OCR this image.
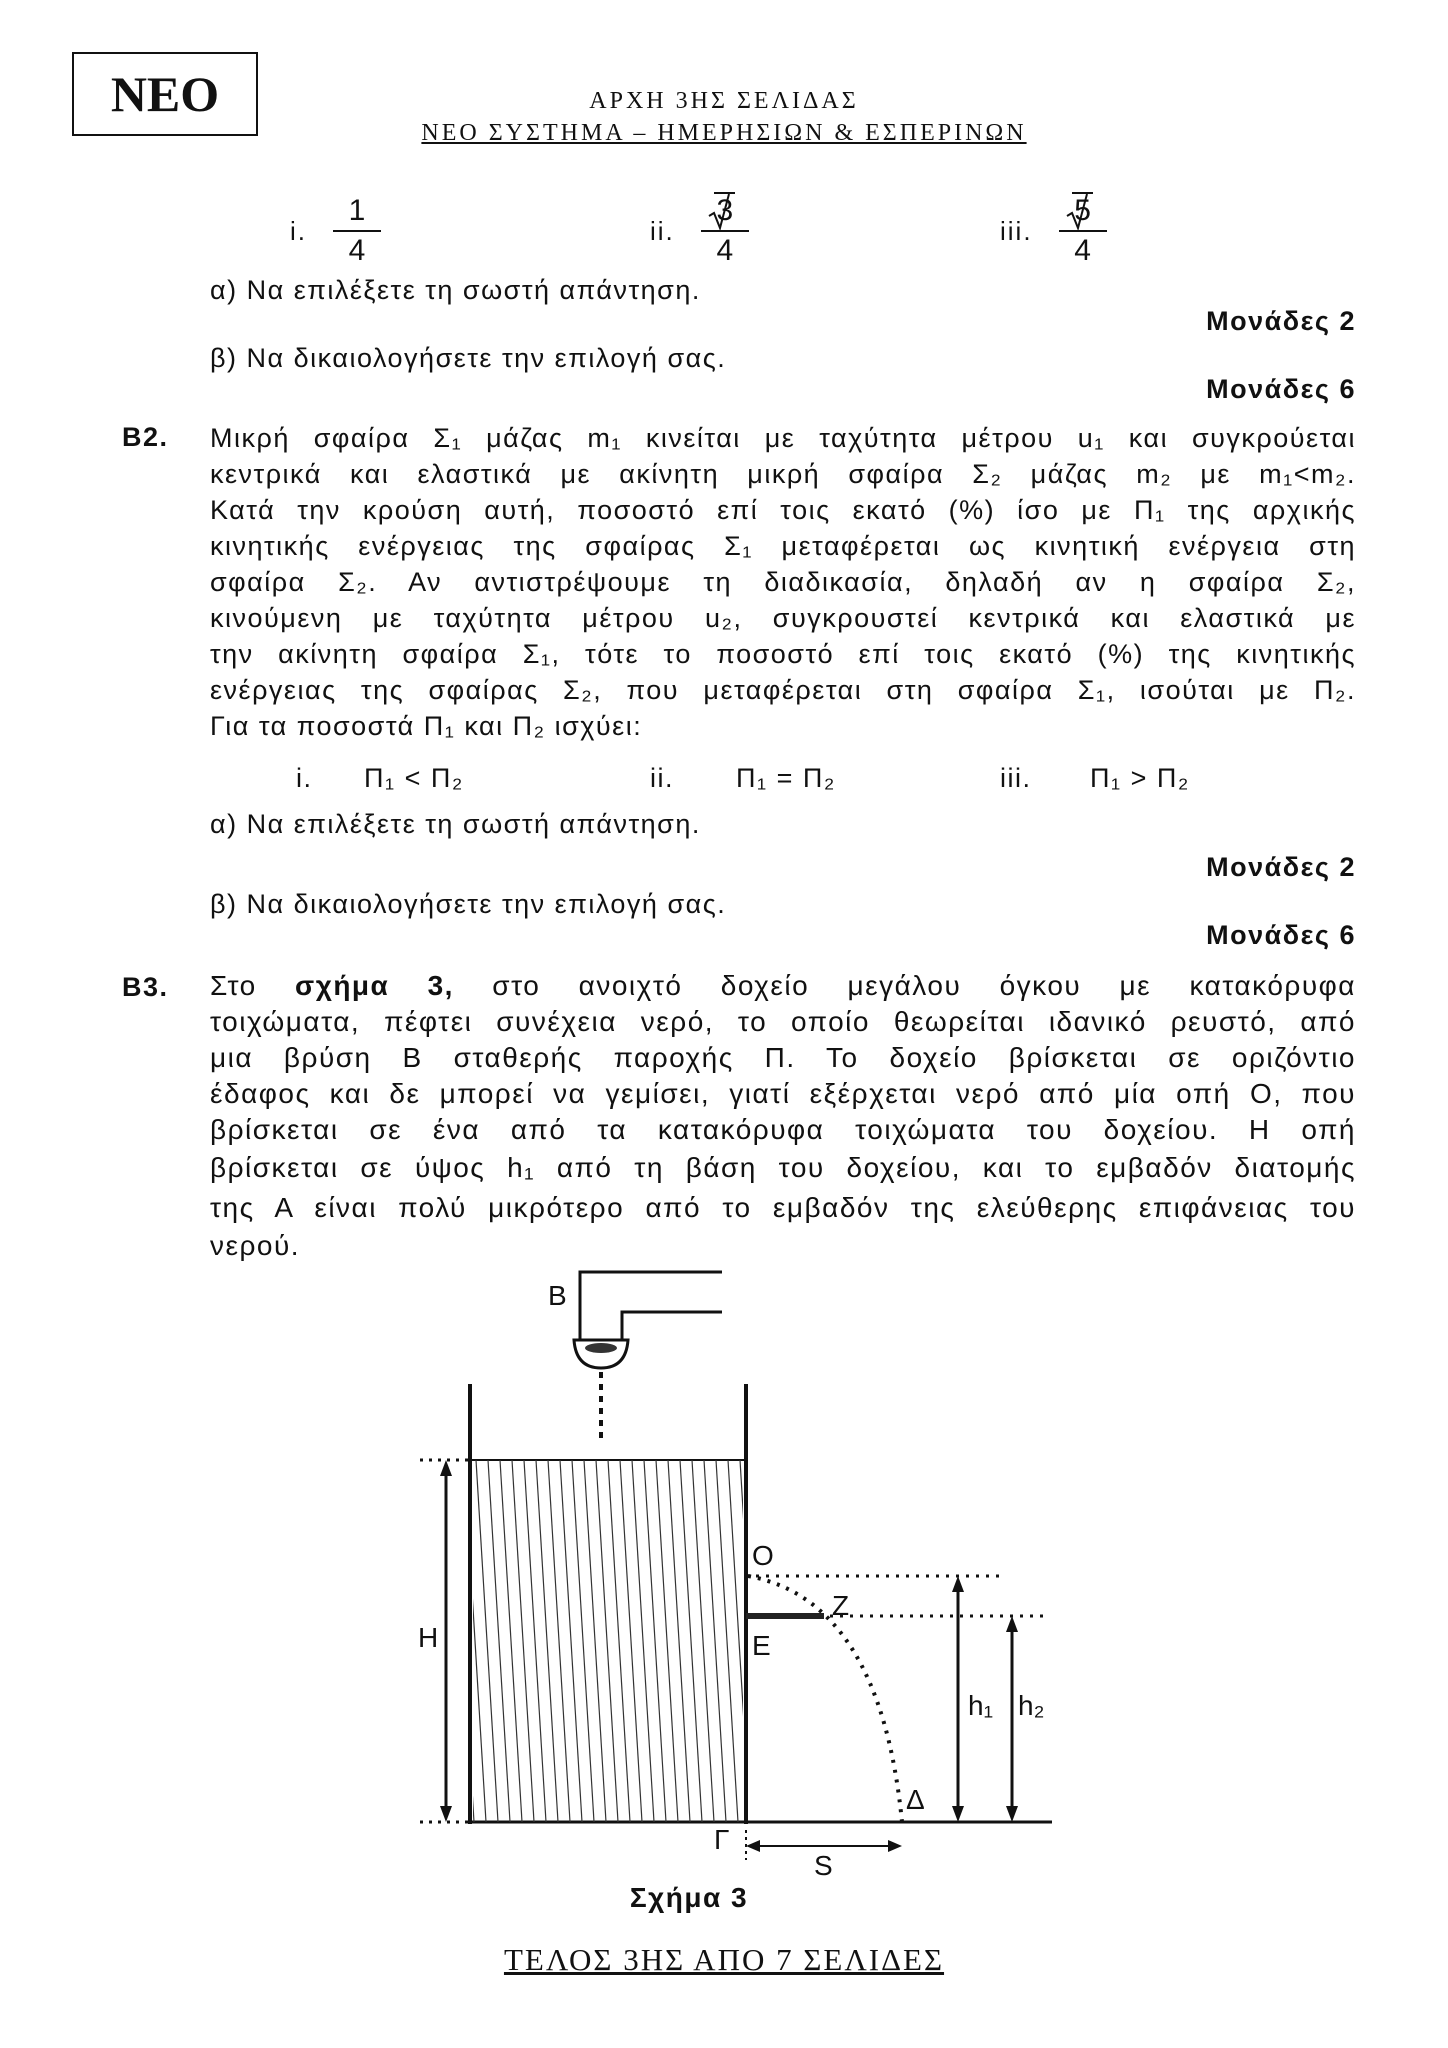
ΝΕΟ	ΑΡΧΗ 3ΗΣ ΣΕΛΙΔΑΣ
ΝΕΟ ΣΥΣΤΗΜΑ – ΗΜΕΡΗΣΙΩΝ & ΕΣΠΕΡΙΝΩΝ
i. $\frac{1}{4}$	ii. $\frac{3}{4}$	iii. $\frac{5}{4}$
α) Να επιλέξετε τη σωστή απάντηση.
Μονάδες 2
β) Να δικαιολογήσετε την επιλογή σας.
Μονάδες 6
Β2. Μικρή σφαίρα Σ₁ μάζας m₁ κινείται με ταχύτητα μέτρου u₁ και συγκρούεται
κεντρικά και ελαστικά με ακίνητη μικρή σφαίρα Σ₂ μάζας m₂ με m₁<m₂.
Κατά την κρούση αυτή, ποσοστό επί τοις εκατό (%) ίσο με Π₁ της αρχικής
κινητικής ενέργειας της σφαίρας Σ₁ μεταφέρεται ως κινητική ενέργεια στη
σφαίρα Σ₂. Αν αντιστρέψουμε τη διαδικασία, δηλαδή αν η σφαίρα Σ₂,
κινούμενη με ταχύτητα μέτρου u₂, συγκρουστεί κεντρικά και ελαστικά με
την ακίνητη σφαίρα Σ₁, τότε το ποσοστό επί τοις εκατό (%) της κινητικής
ενέργειας της σφαίρας Σ₂, που μεταφέρεται στη σφαίρα Σ₁, ισούται με Π₂.
Για τα ποσοστά Π₁ και Π₂ ισχύει:
i. Π₁ < Π₂	ii. Π₁ = Π₂	iii. Π₁ > Π₂
α) Να επιλέξετε τη σωστή απάντηση.
Μονάδες 2
β) Να δικαιολογήσετε την επιλογή σας.
Μονάδες 6
Β3. Στο σχήμα 3, στο ανοιχτό δοχείο μεγάλου όγκου με κατακόρυφα
τοιχώματα, πέφτει συνέχεια νερό, το οποίο θεωρείται ιδανικό ρευστό, από
μια βρύση Β σταθερής παροχής Π. Το δοχείο βρίσκεται σε οριζόντιο
έδαφος και δε μπορεί να γεμίσει, γιατί εξέρχεται νερό από μία οπή Ο, που
βρίσκεται σε ένα από τα κατακόρυφα τοιχώματα του δοχείου. Η οπή
βρίσκεται σε ύψος h₁ από τη βάση του δοχείου, και το εμβαδόν διατομής
της Α είναι πολύ μικρότερο από το εμβαδόν της ελεύθερης επιφάνειας του
νερού.
Β
Ο
Ζ
Ε
Η
h₁ h₂
Δ
Γ
S
Σχήμα 3
ΤΕΛΟΣ 3ΗΣ ΑΠΟ 7 ΣΕΛΙΔΕΣ
